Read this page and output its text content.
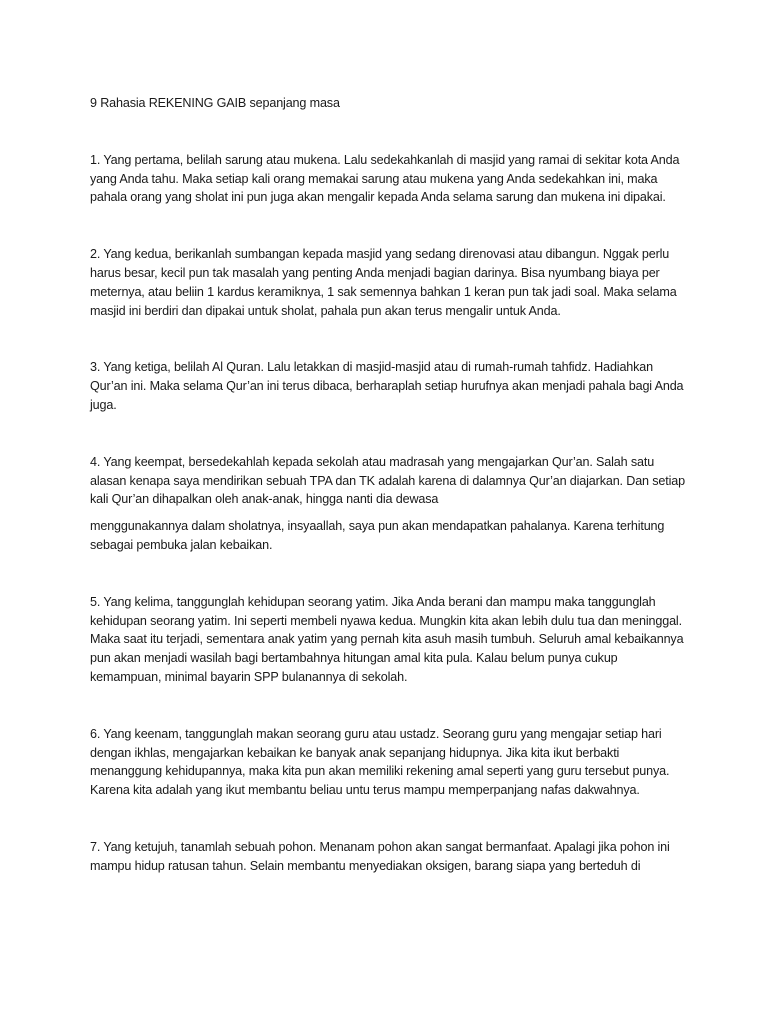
9 Rahasia REKENING GAIB sepanjang masa

1. Yang pertama, belilah sarung atau mukena. Lalu sedekahkanlah di masjid yang ramai di sekitar kota Anda yang Anda tahu. Maka setiap kali orang memakai sarung atau mukena yang Anda sedekahkan ini, maka pahala orang yang sholat ini pun juga akan mengalir kepada Anda selama sarung dan mukena ini dipakai.

2. Yang kedua, berikanlah sumbangan kepada masjid yang sedang direnovasi atau dibangun. Nggak perlu harus besar, kecil pun tak masalah yang penting Anda menjadi bagian darinya. Bisa nyumbang biaya per meternya, atau beliin 1 kardus keramiknya, 1 sak semennya bahkan 1 keran pun tak jadi soal. Maka selama masjid ini berdiri dan dipakai untuk sholat, pahala pun akan terus mengalir untuk Anda.

3. Yang ketiga, belilah Al Quran. Lalu letakkan di masjid-masjid atau di rumah-rumah tahfidz. Hadiahkan Qur’an ini. Maka selama Qur’an ini terus dibaca, berharaplah setiap hurufnya akan menjadi pahala bagi Anda juga.

4. Yang keempat, bersedekahlah kepada sekolah atau madrasah yang mengajarkan Qur’an. Salah satu alasan kenapa saya mendirikan sebuah TPA dan TK adalah karena di dalamnya Qur’an diajarkan. Dan setiap kali Qur’an dihapalkan oleh anak-anak, hingga nanti dia dewasa

menggunakannya dalam sholatnya, insyaallah, saya pun akan mendapatkan pahalanya. Karena terhitung sebagai pembuka jalan kebaikan.

5. Yang kelima, tanggunglah kehidupan seorang yatim. Jika Anda berani dan mampu maka tanggunglah kehidupan seorang yatim. Ini seperti membeli nyawa kedua. Mungkin kita akan lebih dulu tua dan meninggal. Maka saat itu terjadi, sementara anak yatim yang pernah kita asuh masih tumbuh. Seluruh amal kebaikannya pun akan menjadi wasilah bagi bertambahnya hitungan amal kita pula. Kalau belum punya cukup kemampuan, minimal bayarin SPP bulanannya di sekolah.

6. Yang keenam, tanggunglah makan seorang guru atau ustadz. Seorang guru yang mengajar setiap hari dengan ikhlas, mengajarkan kebaikan ke banyak anak sepanjang hidupnya. Jika kita ikut berbakti menanggung kehidupannya, maka kita pun akan memiliki rekening amal seperti yang guru tersebut punya. Karena kita adalah yang ikut membantu beliau untu terus mampu memperpanjang nafas dakwahnya.

7. Yang ketujuh, tanamlah sebuah pohon. Menanam pohon akan sangat bermanfaat. Apalagi jika pohon ini mampu hidup ratusan tahun. Selain membantu menyediakan oksigen, barang siapa yang berteduh di
